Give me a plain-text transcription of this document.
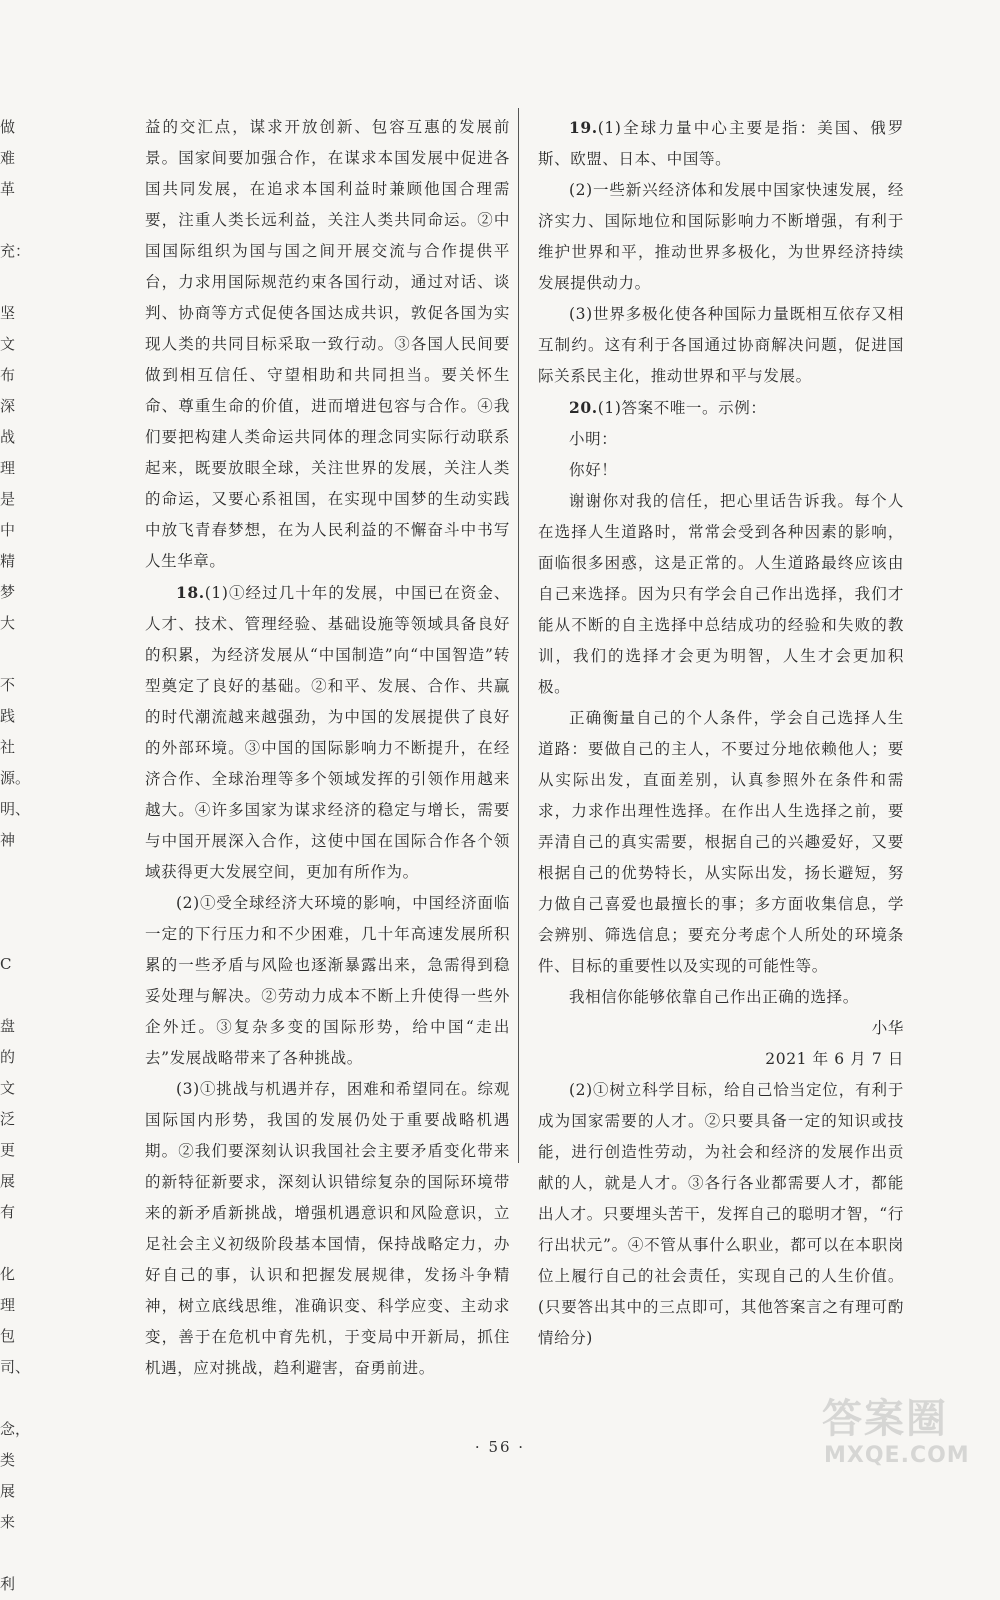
做
难
革
充：
坚
文
布
深
战
理
是
中
精
梦
大
不
践
社
源。
明、
神
C
盘
的
文
泛
更
展
有
化
理
包
司、
念，
类
展
来
利

益的交汇点，谋求开放创新、包容互惠的发展前景。国家间要加强合作，在谋求本国发展中促进各国共同发展，在追求本国利益时兼顾他国合理需要，注重人类长远利益，关注人类共同命运。②中国国际组织为国与国之间开展交流与合作提供平台，力求用国际规范约束各国行动，通过对话、谈判、协商等方式促使各国达成共识，敦促各国为实现人类的共同目标采取一致行动。③各国人民间要做到相互信任、守望相助和共同担当。要关怀生命、尊重生命的价值，进而增进包容与合作。④我们要把构建人类命运共同体的理念同实际行动联系起来，既要放眼全球，关注世界的发展，关注人类的命运，又要心系祖国，在实现中国梦的生动实践中放飞青春梦想，在为人民利益的不懈奋斗中书写人生华章。

18.(1)①经过几十年的发展，中国已在资金、人才、技术、管理经验、基础设施等领域具备良好的积累，为经济发展从“中国制造”向“中国智造”转型奠定了良好的基础。②和平、发展、合作、共赢的时代潮流越来越强劲，为中国的发展提供了良好的外部环境。③中国的国际影响力不断提升，在经济合作、全球治理等多个领域发挥的引领作用越来越大。④许多国家为谋求经济的稳定与增长，需要与中国开展深入合作，这使中国在国际合作各个领域获得更大发展空间，更加有所作为。

(2)①受全球经济大环境的影响，中国经济面临一定的下行压力和不少困难，几十年高速发展所积累的一些矛盾与风险也逐渐暴露出来，急需得到稳妥处理与解决。②劳动力成本不断上升使得一些外企外迁。③复杂多变的国际形势，给中国“走出去”发展战略带来了各种挑战。

(3)①挑战与机遇并存，困难和希望同在。综观国际国内形势，我国的发展仍处于重要战略机遇期。②我们要深刻认识我国社会主要矛盾变化带来的新特征新要求，深刻认识错综复杂的国际环境带来的新矛盾新挑战，增强机遇意识和风险意识，立足社会主义初级阶段基本国情，保持战略定力，办好自己的事，认识和把握发展规律，发扬斗争精神，树立底线思维，准确识变、科学应变、主动求变，善于在危机中育先机，于变局中开新局，抓住机遇，应对挑战，趋利避害，奋勇前进。

19.(1)全球力量中心主要是指：美国、俄罗斯、欧盟、日本、中国等。

(2)一些新兴经济体和发展中国家快速发展，经济实力、国际地位和国际影响力不断增强，有利于维护世界和平，推动世界多极化，为世界经济持续发展提供动力。

(3)世界多极化使各种国际力量既相互依存又相互制约。这有利于各国通过协商解决问题，促进国际关系民主化，推动世界和平与发展。

20.(1)答案不唯一。示例：

小明：

你好！

谢谢你对我的信任，把心里话告诉我。每个人在选择人生道路时，常常会受到各种因素的影响，面临很多困惑，这是正常的。人生道路最终应该由自己来选择。因为只有学会自己作出选择，我们才能从不断的自主选择中总结成功的经验和失败的教训，我们的选择才会更为明智，人生才会更加积极。

正确衡量自己的个人条件，学会自己选择人生道路：要做自己的主人，不要过分地依赖他人；要从实际出发，直面差别，认真参照外在条件和需求，力求作出理性选择。在作出人生选择之前，要弄清自己的真实需要，根据自己的兴趣爱好，又要根据自己的优势特长，从实际出发，扬长避短，努力做自己喜爱也最擅长的事；多方面收集信息，学会辨别、筛选信息；要充分考虑个人所处的环境条件、目标的重要性以及实现的可能性等。

我相信你能够依靠自己作出正确的选择。

小华

2021 年 6 月 7 日

(2)①树立科学目标，给自己恰当定位，有利于成为国家需要的人才。②只要具备一定的知识或技能，进行创造性劳动，为社会和经济的发展作出贡献的人，就是人才。③各行各业都需要人才，都能出人才。只要埋头苦干，发挥自己的聪明才智，“行行出状元”。④不管从事什么职业，都可以在本职岗位上履行自己的社会责任，实现自己的人生价值。(只要答出其中的三点即可，其他答案言之有理可酌情给分)

· 56 ·
答案圈
MXQE.COM
